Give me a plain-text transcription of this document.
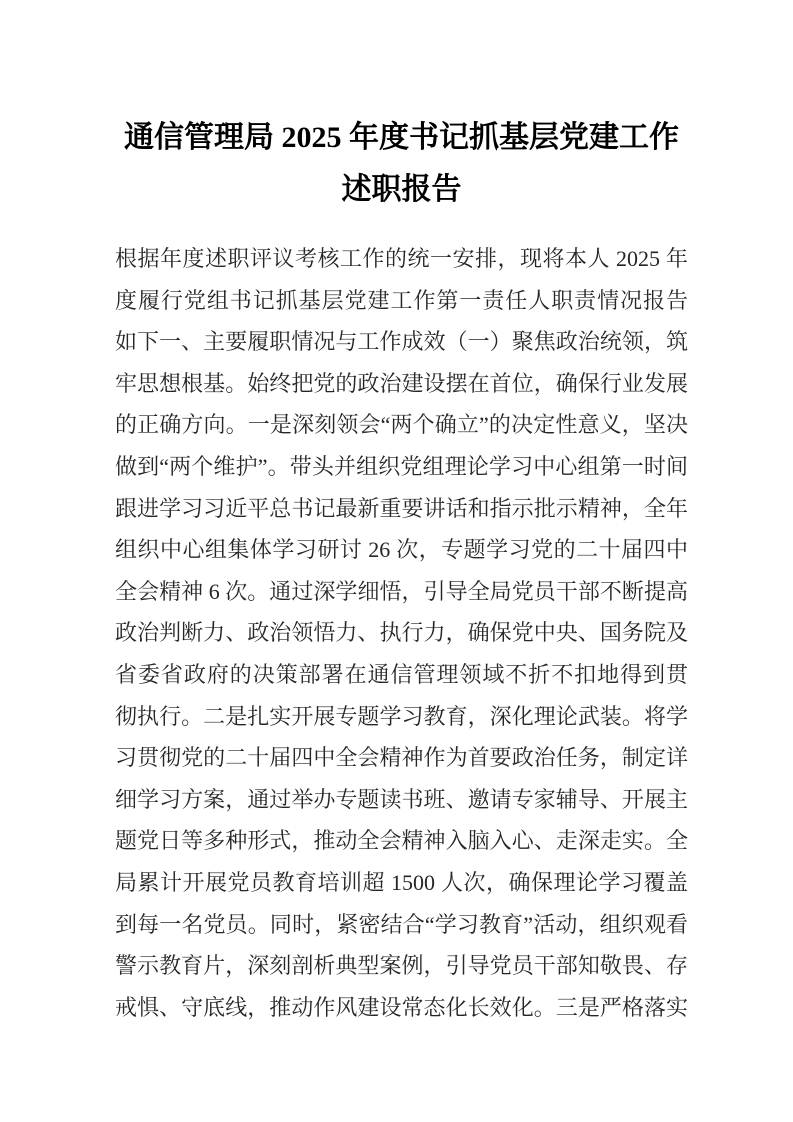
通信管理局 2025 年度书记抓基层党建工作
述职报告

根据年度述职评议考核工作的统一安排，现将本人 2025 年

度履行党组书记抓基层党建工作第一责任人职责情况报告

如下一、主要履职情况与工作成效（一）聚焦政治统领，筑

牢思想根基。始终把党的政治建设摆在首位，确保行业发展

的正确方向。一是深刻领会“两个确立”的决定性意义，坚决

做到“两个维护”。带头并组织党组理论学习中心组第一时间

跟进学习习近平总书记最新重要讲话和指示批示精神，全年

组织中心组集体学习研讨 26 次，专题学习党的二十届四中

全会精神 6 次。通过深学细悟，引导全局党员干部不断提高

政治判断力、政治领悟力、执行力，确保党中央、国务院及

省委省政府的决策部署在通信管理领域不折不扣地得到贯

彻执行。二是扎实开展专题学习教育，深化理论武装。将学

习贯彻党的二十届四中全会精神作为首要政治任务，制定详

细学习方案，通过举办专题读书班、邀请专家辅导、开展主

题党日等多种形式，推动全会精神入脑入心、走深走实。全

局累计开展党员教育培训超 1500 人次，确保理论学习覆盖

到每一名党员。同时，紧密结合“学习教育”活动，组织观看

警示教育片，深刻剖析典型案例，引导党员干部知敬畏、存

戒惧、守底线，推动作风建设常态化长效化。三是严格落实
